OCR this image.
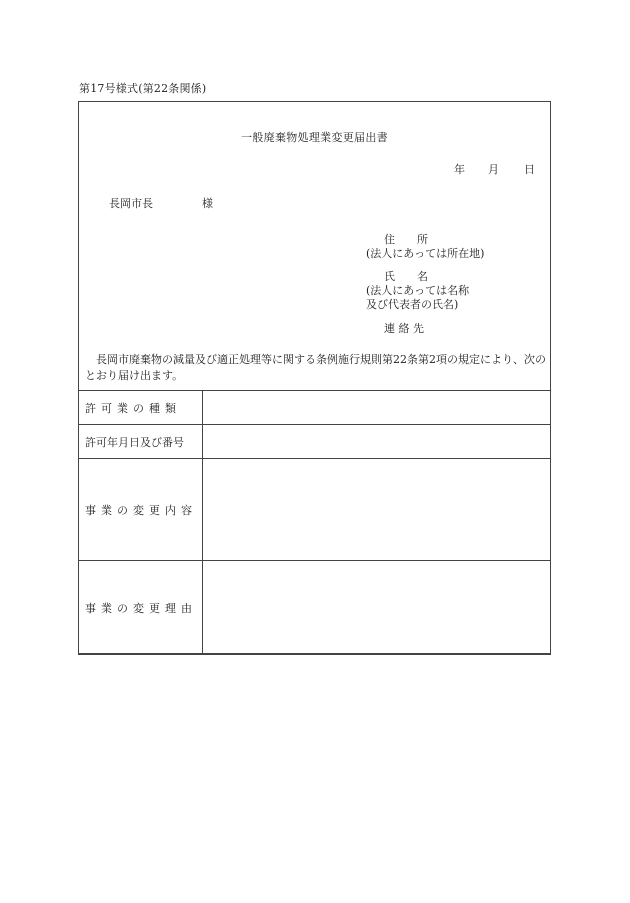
第17号様式(第22条関係)
一般廃棄物処理業変更届出書
年 月 日
長岡市長	様
住　　所
(法人にあっては所在地)
氏　　名
(法人にあっては名称
及び代表者の氏名)
連 絡 先
長岡市廃棄物の減量及び適正処理等に関する条例施行規則第22条第2項の規定により、次のとおり届け出ます。
許可業の種類	
許可年月日及び番号	
事業の変更内容	
事業の変更理由	
